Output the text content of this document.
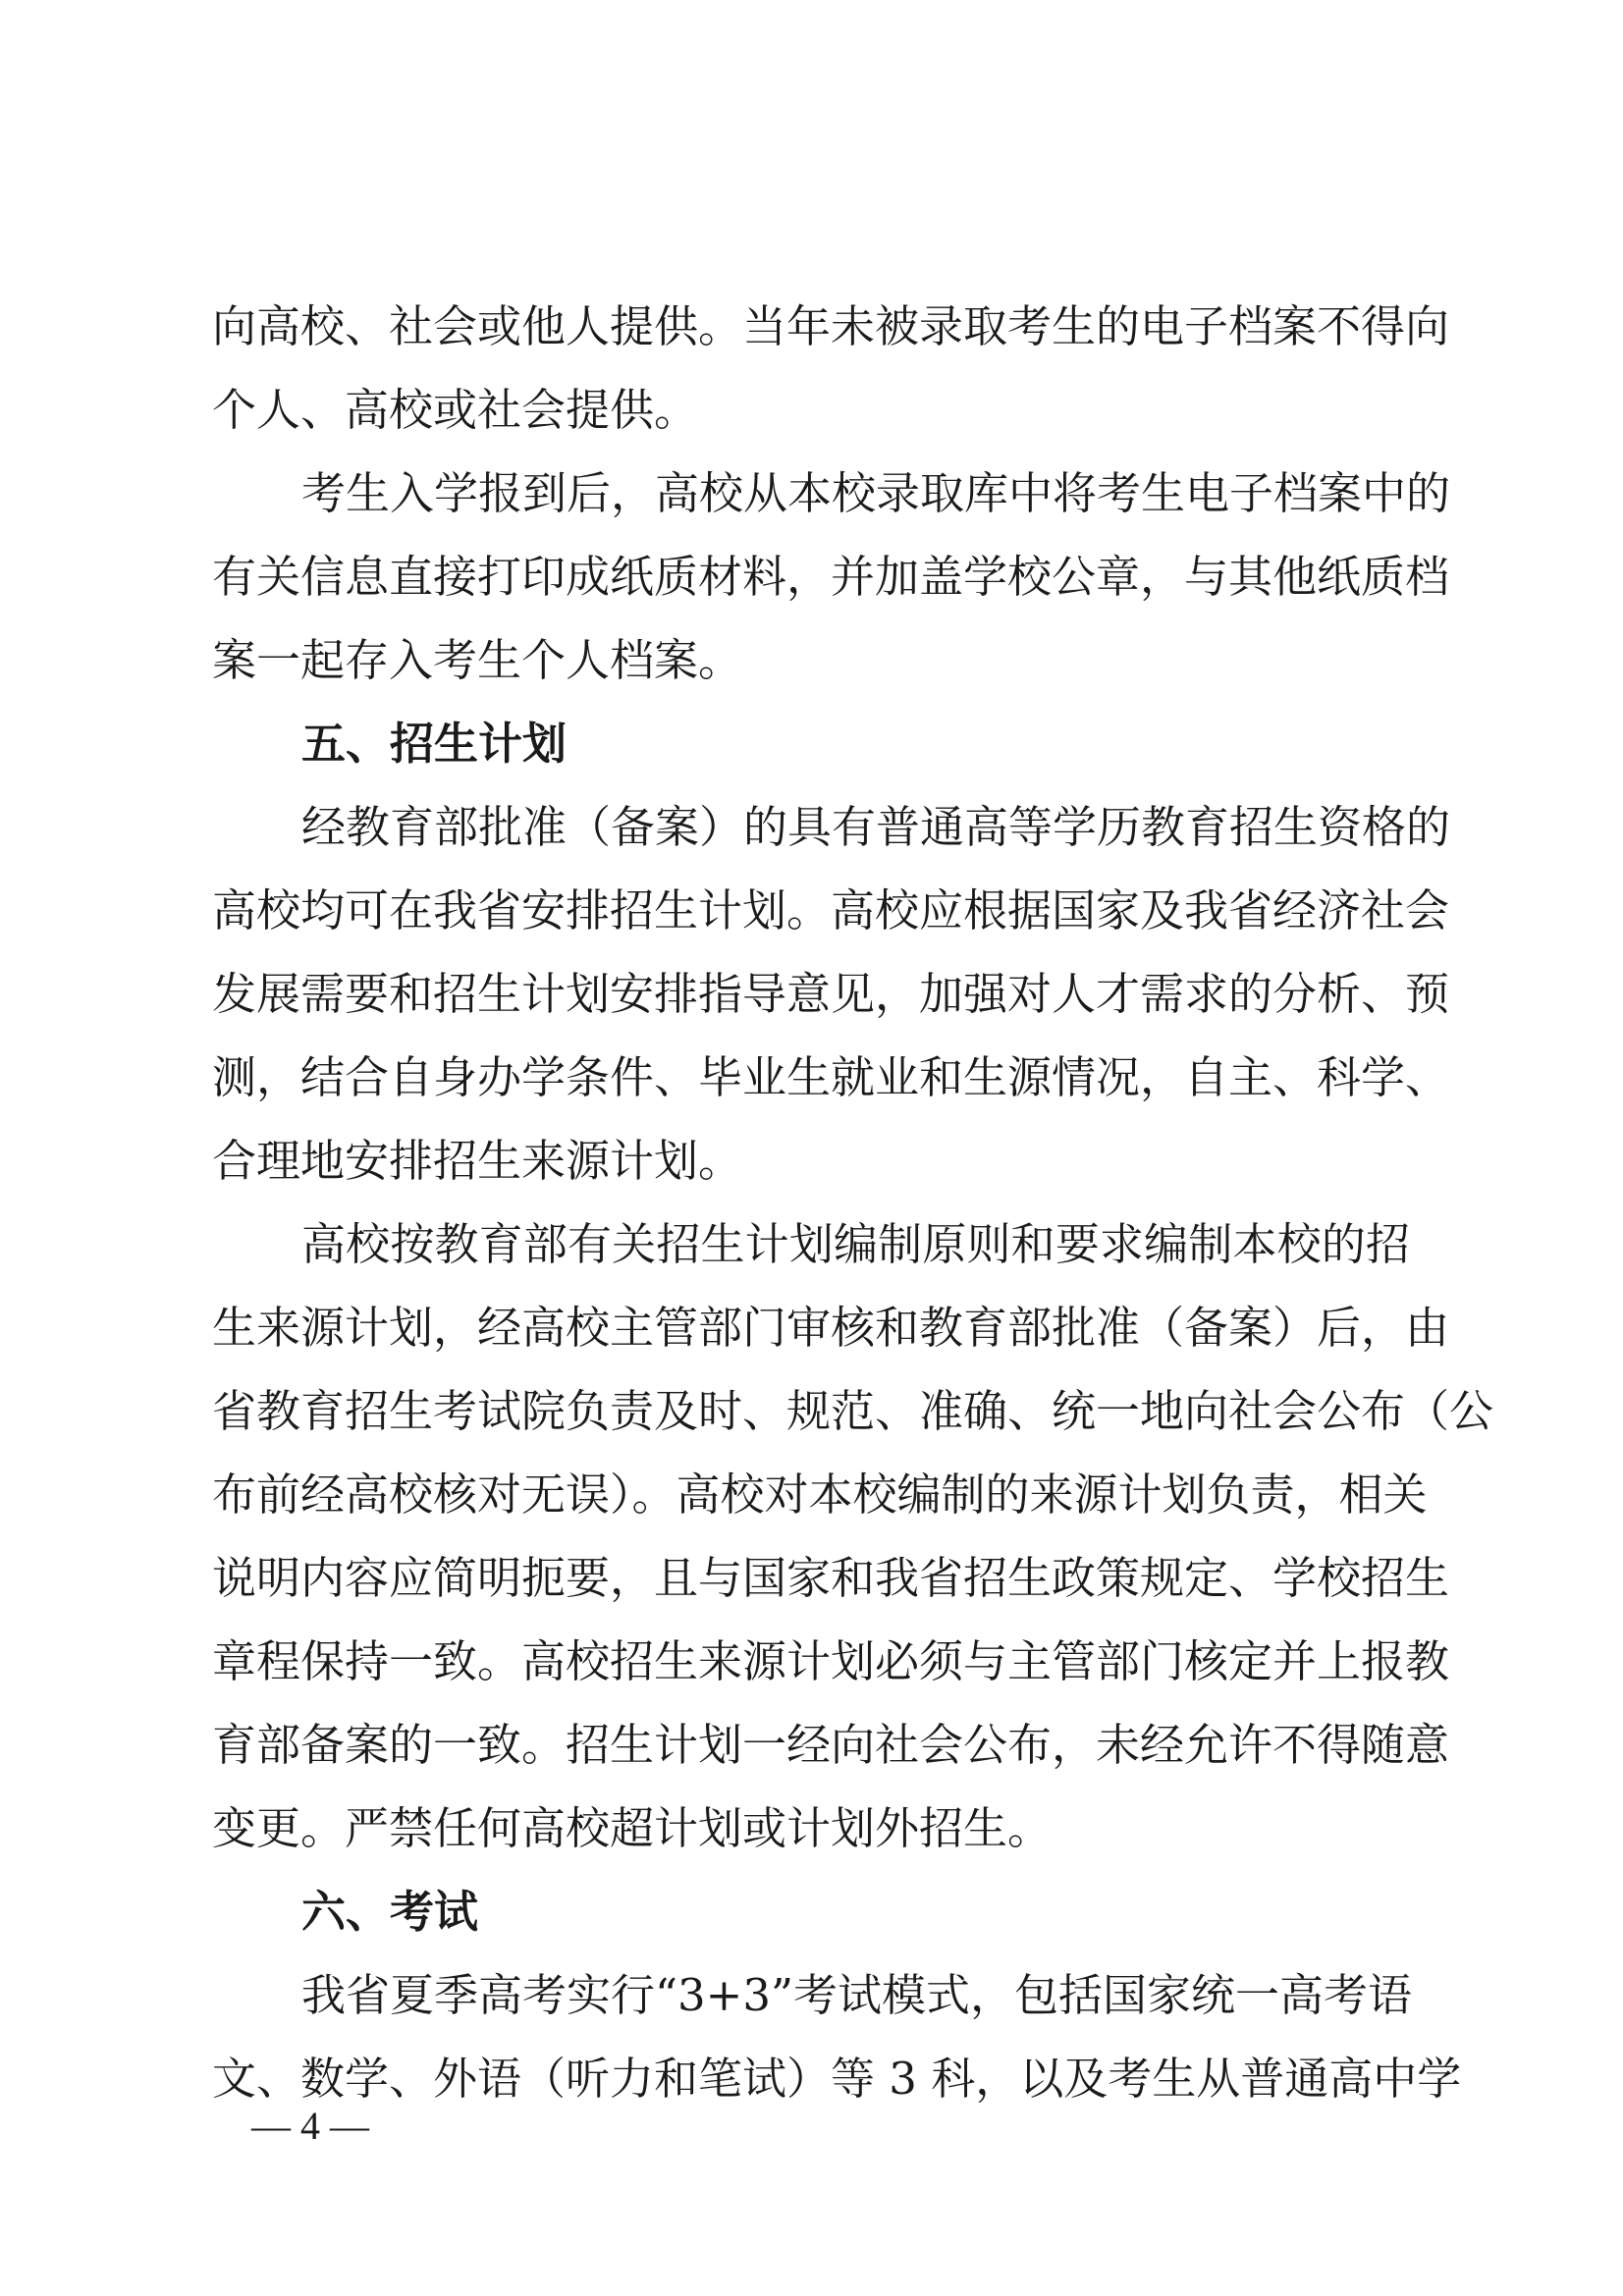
向高校、社会或他人提供。当年未被录取考生的电子档案不得向
个人、高校或社会提供。
考生入学报到后，高校从本校录取库中将考生电子档案中的
有关信息直接打印成纸质材料，并加盖学校公章，与其他纸质档
案一起存入考生个人档案。
五、招生计划
经教育部批准（备案）的具有普通高等学历教育招生资格的
高校均可在我省安排招生计划。高校应根据国家及我省经济社会
发展需要和招生计划安排指导意见，加强对人才需求的分析、预
测，结合自身办学条件、毕业生就业和生源情况，自主、科学、
合理地安排招生来源计划。
高校按教育部有关招生计划编制原则和要求编制本校的招
生来源计划，经高校主管部门审核和教育部批准（备案）后，由
省教育招生考试院负责及时、规范、准确、统一地向社会公布（公
布前经高校核对无误）。高校对本校编制的来源计划负责，相关
说明内容应简明扼要，且与国家和我省招生政策规定、学校招生
章程保持一致。高校招生来源计划必须与主管部门核定并上报教
育部备案的一致。招生计划一经向社会公布，未经允许不得随意
变更。严禁任何高校超计划或计划外招生。
六、考试
我省夏季高考实行“3+3”考试模式，包括国家统一高考语
文、数学、外语（听力和笔试）等 3 科，以及考生从普通高中学
— 4 —
